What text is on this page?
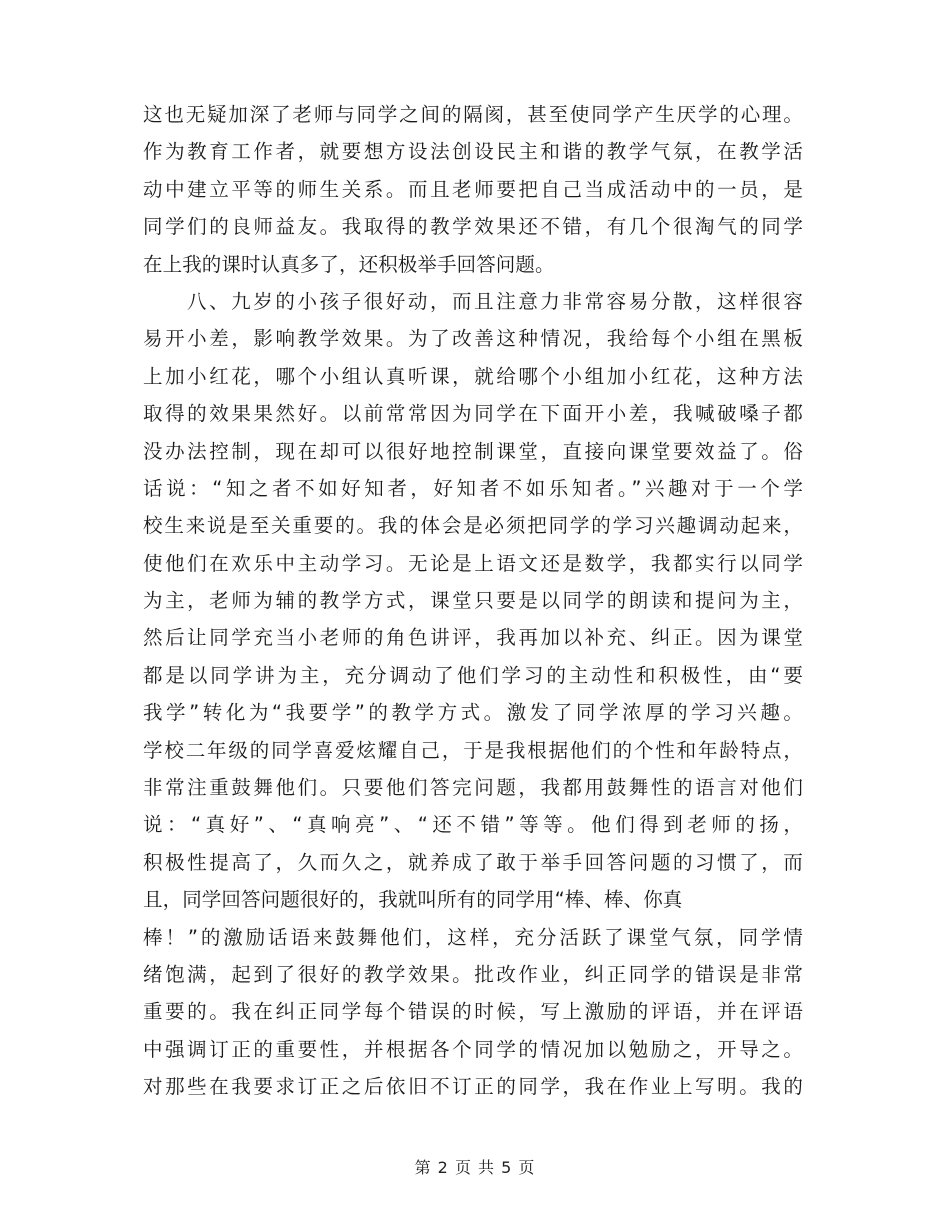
这也无疑加深了老师与同学之间的隔阂，甚至使同学产生厌学的心理。
作为教育工作者，就要想方设法创设民主和谐的教学气氛，在教学活
动中建立平等的师生关系。而且老师要把自己当成活动中的一员，是
同学们的良师益友。我取得的教学效果还不错，有几个很淘气的同学
在上我的课时认真多了，还积极举手回答问题。
八、九岁的小孩子很好动，而且注意力非常容易分散，这样很容
易开小差，影响教学效果。为了改善这种情况，我给每个小组在黑板
上加小红花，哪个小组认真听课，就给哪个小组加小红花，这种方法
取得的效果果然好。以前常常因为同学在下面开小差，我喊破嗓子都
没办法控制，现在却可以很好地控制课堂，直接向课堂要效益了。俗
话说：“知之者不如好知者，好知者不如乐知者。”兴趣对于一个学
校生来说是至关重要的。我的体会是必须把同学的学习兴趣调动起来，
使他们在欢乐中主动学习。无论是上语文还是数学，我都实行以同学
为主，老师为辅的教学方式，课堂只要是以同学的朗读和提问为主，
然后让同学充当小老师的角色讲评，我再加以补充、纠正。因为课堂
都是以同学讲为主，充分调动了他们学习的主动性和积极性，由“要
我学”转化为“我要学”的教学方式。激发了同学浓厚的学习兴趣。
学校二年级的同学喜爱炫耀自己，于是我根据他们的个性和年龄特点，
非常注重鼓舞他们。只要他们答完问题，我都用鼓舞性的语言对他们
说：“真好”、“真响亮”、“还不错”等等。他们得到老师的扬，
积极性提高了，久而久之，就养成了敢于举手回答问题的习惯了，而
且，同学回答问题很好的，我就叫所有的同学用“棒、棒、你真
棒！”的激励话语来鼓舞他们，这样，充分活跃了课堂气氛，同学情
绪饱满，起到了很好的教学效果。批改作业，纠正同学的错误是非常
重要的。我在纠正同学每个错误的时候，写上激励的评语，并在评语
中强调订正的重要性，并根据各个同学的情况加以勉励之，开导之。
对那些在我要求订正之后依旧不订正的同学，我在作业上写明。我的
第 2 页 共 5 页
